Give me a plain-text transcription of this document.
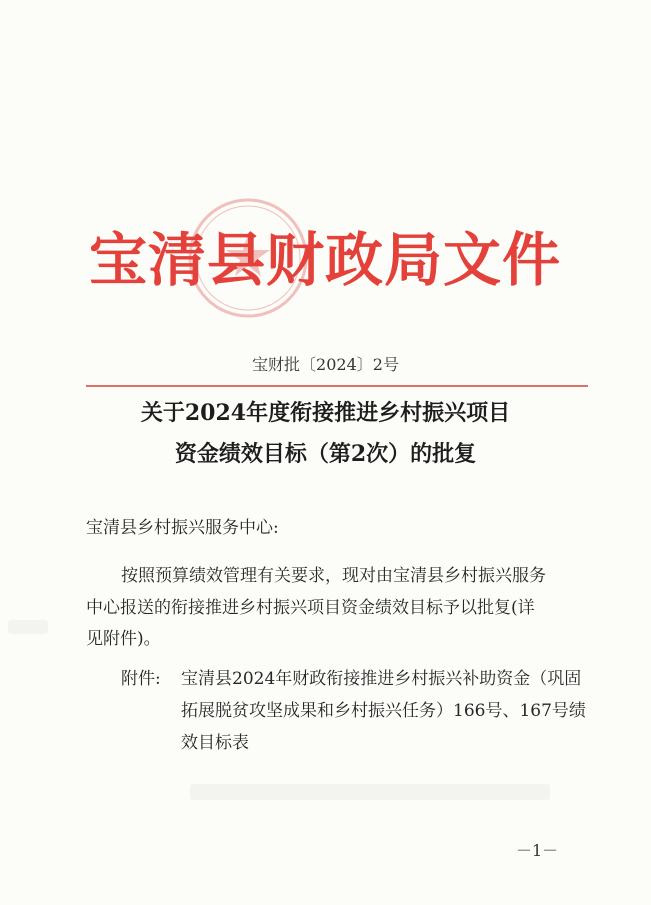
宝清县财政局文件
宝财批〔2024〕2号
关于2024年度衔接推进乡村振兴项目
资金绩效目标（第2次）的批复
宝清县乡村振兴服务中心:
按照预算绩效管理有关要求，现对由宝清县乡村振兴服务
中心报送的衔接推进乡村振兴项目资金绩效目标予以批复(详
见附件)。
附件: 宝清县2024年财政衔接推进乡村振兴补助资金（巩固
拓展脱贫攻坚成果和乡村振兴任务）166号、167号绩
效目标表
－1－
